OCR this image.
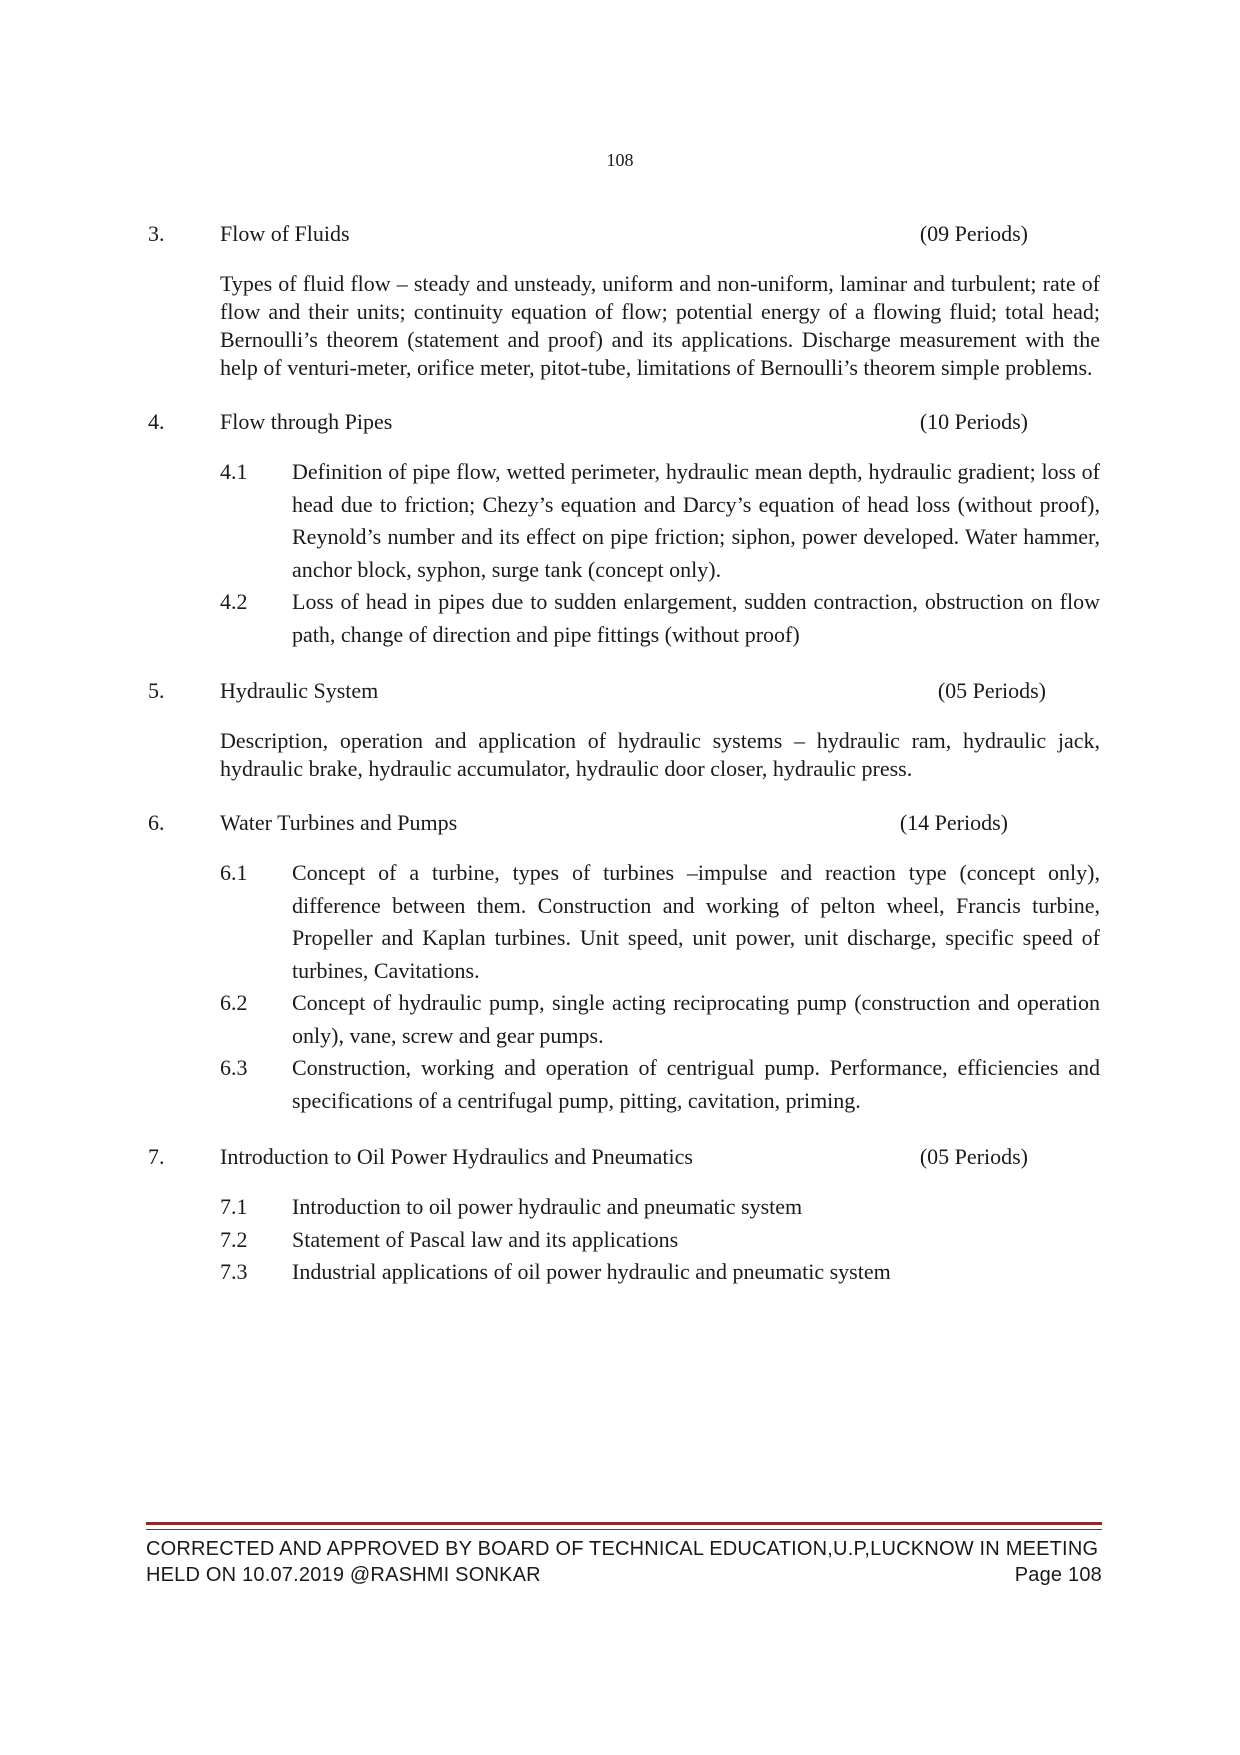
108
3.	Flow of Fluids	(09 Periods)
Types of fluid flow – steady and unsteady, uniform and non-uniform, laminar and turbulent; rate of flow and their units; continuity equation of flow; potential energy of a flowing fluid; total head; Bernoulli’s theorem (statement and proof) and its applications. Discharge measurement with the help of venturi-meter, orifice meter, pitot-tube, limitations of Bernoulli’s theorem simple problems.
4.	Flow through Pipes	(10 Periods)
4.1	Definition of pipe flow, wetted perimeter, hydraulic mean depth, hydraulic gradient; loss of head due to friction; Chezy’s equation and Darcy’s equation of head loss (without proof), Reynold’s number and its effect on pipe friction; siphon, power developed. Water hammer, anchor block, syphon, surge tank (concept only).
4.2	Loss of head in pipes due to sudden enlargement, sudden contraction, obstruction on flow path, change of direction and pipe fittings (without proof)
5.	Hydraulic System	(05 Periods)
Description, operation and application of hydraulic systems – hydraulic ram, hydraulic jack, hydraulic brake, hydraulic accumulator, hydraulic door closer, hydraulic press.
6.	Water Turbines and Pumps	(14 Periods)
6.1	Concept of a turbine, types of turbines –impulse and reaction type (concept only), difference between them. Construction and working of pelton wheel, Francis turbine, Propeller and Kaplan turbines. Unit speed, unit power, unit discharge, specific speed of turbines, Cavitations.
6.2	Concept of hydraulic pump, single acting reciprocating pump (construction and operation only), vane, screw and gear pumps.
6.3	Construction, working and operation of centrigual pump. Performance, efficiencies and specifications of a centrifugal pump, pitting, cavitation, priming.
7.	Introduction to Oil Power Hydraulics and Pneumatics	(05 Periods)
7.1	Introduction to oil power hydraulic and pneumatic system
7.2	Statement of Pascal law and its applications
7.3	Industrial applications of oil power hydraulic and pneumatic system
CORRECTED AND APPROVED BY BOARD OF TECHNICAL EDUCATION,U.P,LUCKNOW IN MEETING
HELD ON 10.07.2019 @RASHMI SONKAR	Page 108
